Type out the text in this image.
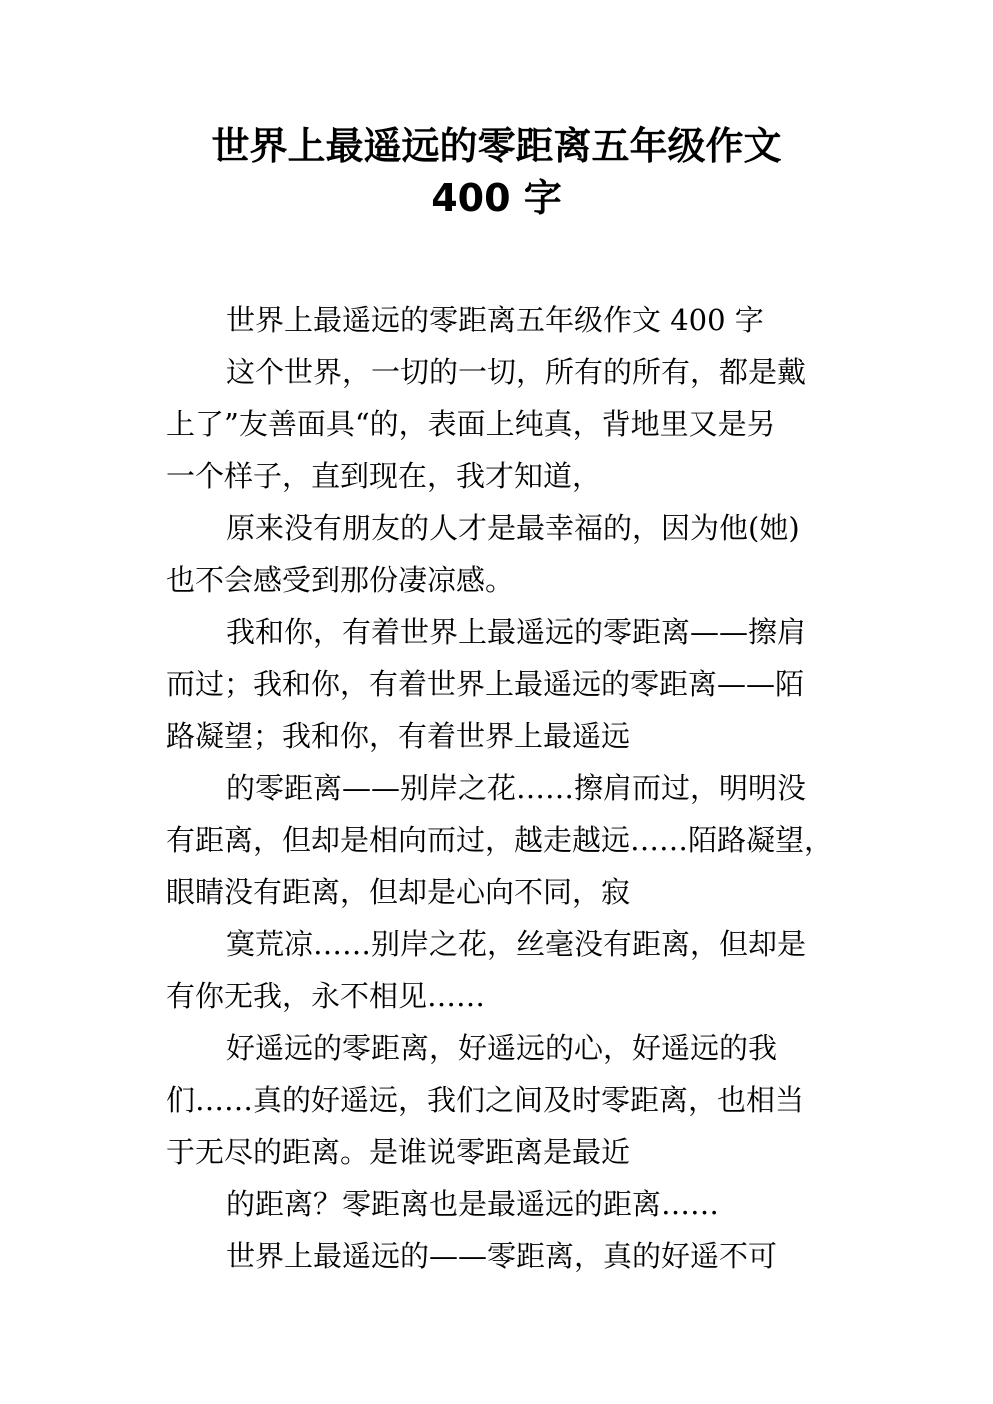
世界上最遥远的零距离五年级作文
400 字
世界上最遥远的零距离五年级作文 400 字
这个世界，一切的一切，所有的所有，都是戴
上了”友善面具“的，表面上纯真，背地里又是另
一个样子，直到现在，我才知道，
原来没有朋友的人才是最幸福的，因为他(她)
也不会感受到那份凄凉感。
我和你，有着世界上最遥远的零距离——擦肩
而过；我和你，有着世界上最遥远的零距离——陌
路凝望；我和你，有着世界上最遥远
的零距离——别岸之花……擦肩而过，明明没
有距离，但却是相向而过，越走越远……陌路凝望，
眼睛没有距离，但却是心向不同，寂
寞荒凉……别岸之花，丝毫没有距离，但却是
有你无我，永不相见……
好遥远的零距离，好遥远的心，好遥远的我
们……真的好遥远，我们之间及时零距离，也相当
于无尽的距离。是谁说零距离是最近
的距离？零距离也是最遥远的距离……
世界上最遥远的——零距离，真的好遥不可
